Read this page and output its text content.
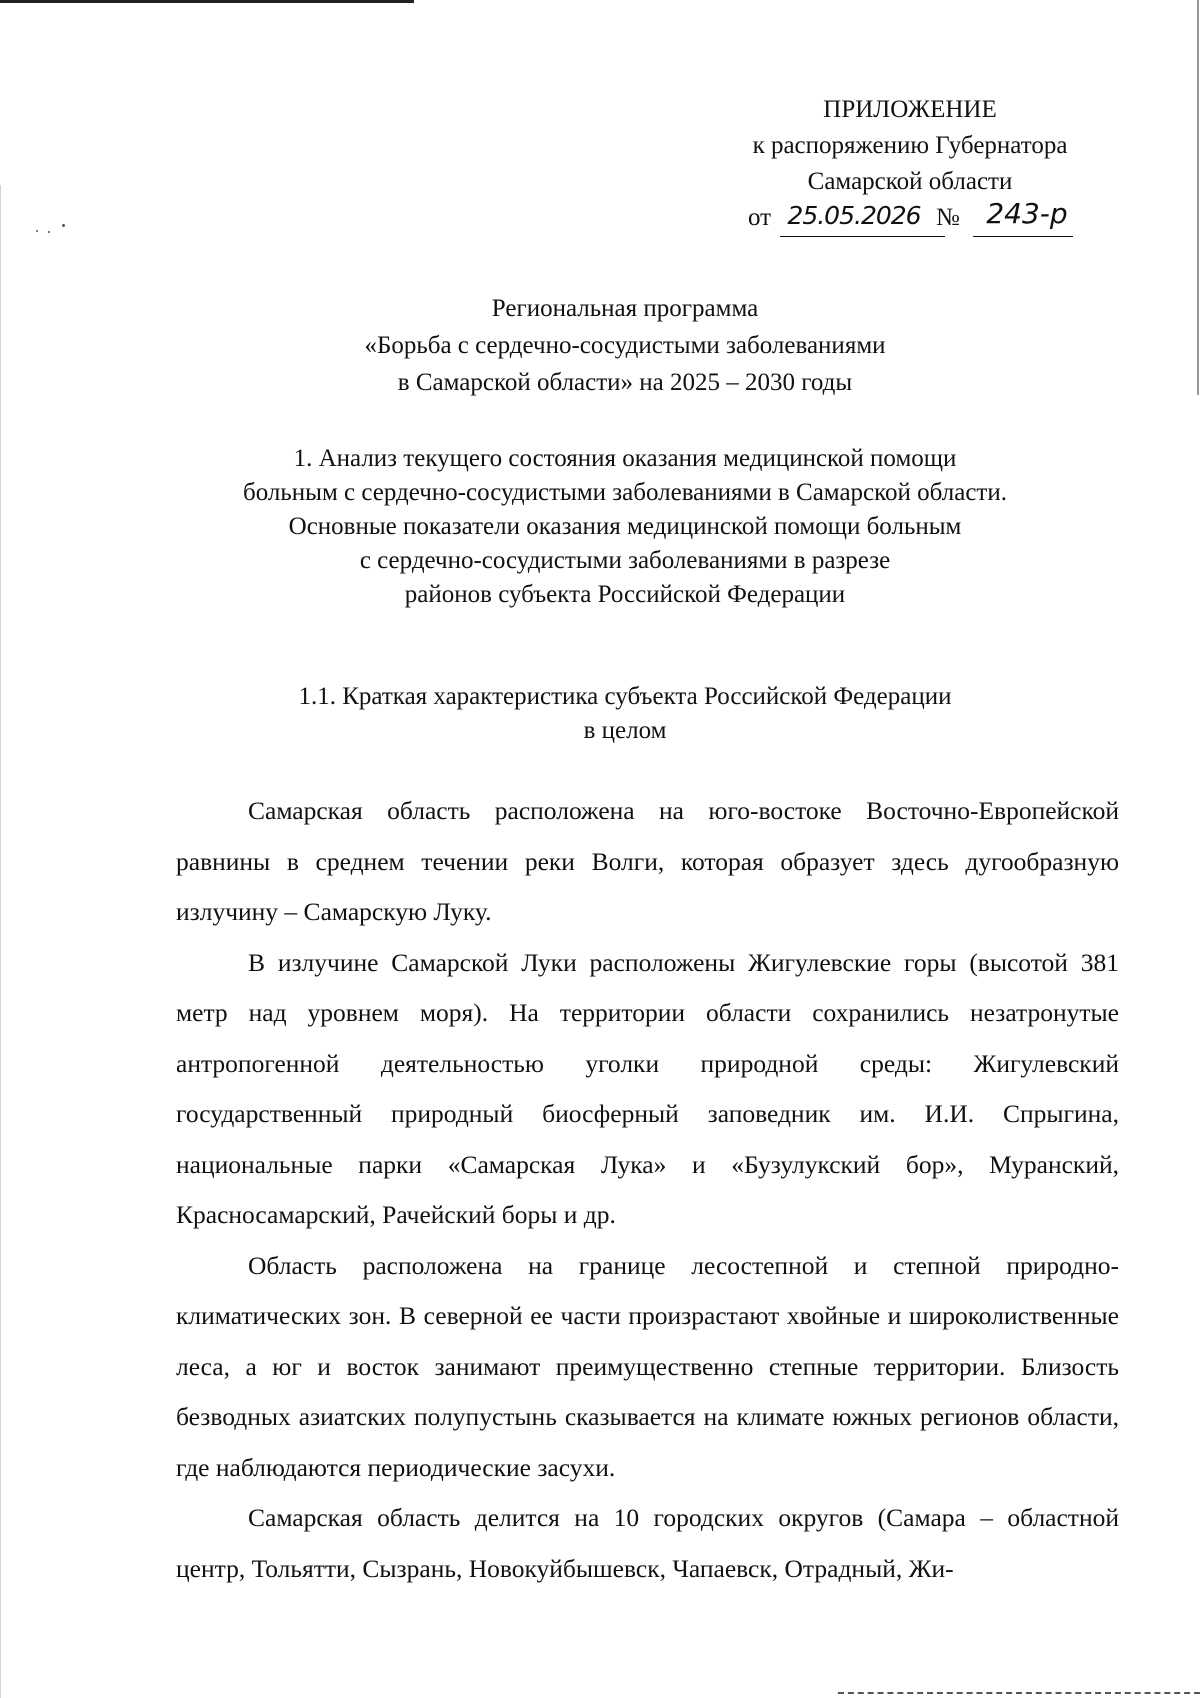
ПРИЛОЖЕНИЕ
к распоряжению Губернатора
Самарской области
от 25.05.2026 № 243-р
Региональная программа
«Борьба с сердечно-сосудистыми заболеваниями
в Самарской области» на 2025 – 2030 годы
1. Анализ текущего состояния оказания медицинской помощи
больным с сердечно-сосудистыми заболеваниями в Самарской области.
Основные показатели оказания медицинской помощи больным
с сердечно-сосудистыми заболеваниями в разрезе
районов субъекта Российской Федерации
1.1. Краткая характеристика субъекта Российской Федерации
в целом

Самарская область расположена на юго-востоке Восточно-Европейской равнины в среднем течении реки Волги, которая образует здесь дугообразную излучину – Самарскую Луку.

В излучине Самарской Луки расположены Жигулевские горы (высотой 381 метр над уровнем моря). На территории области сохранились незатронутые антропогенной деятельностью уголки природной среды: Жигулевский государственный природный биосферный заповедник им. И.И. Спрыгина, национальные парки «Самарская Лука» и «Бузулукский бор», Муранский, Красносамарский, Рачейский боры и др.

Область расположена на границе лесостепной и степной природно-климатических зон. В северной ее части произрастают хвойные и широколиственные леса, а юг и восток занимают преимущественно степные территории. Близость безводных азиатских полупустынь сказывается на климате южных регионов области, где наблюдаются периодические засухи.

Самарская область делится на 10 городских округов (Самара – областной центр, Тольятти, Сызрань, Новокуйбышевск, Чапаевск, Отрадный, Жи-
